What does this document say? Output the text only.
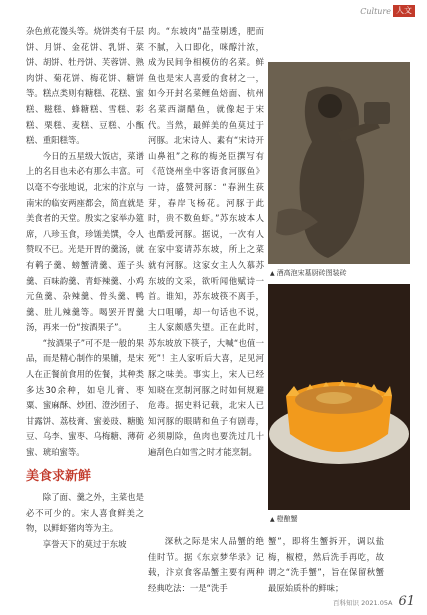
Culture 人文

杂色煎花馒头等。烧饼类有千层饼、月饼、金花饼、乳饼、菜饼、胡饼、牡丹饼、芙蓉饼、熟肉饼、菊花饼、梅花饼、糖饼等。糕点类则有糖糕、花糕、蜜糕、糍糕、蜂糖糕、雪糕、彩糕、栗糕、麦糕、豆糕、小甑糕、重阳糕等。

今日的五星级大饭店，菜谱上的名目也未必有那么丰富。可以毫不夸张地说，北宋的汴京与南宋的临安两座都会，简直就是美食者的天堂。殷实之家举办筵席，八珍玉食，珍馐美馔，令人赞叹不已。光是开胃的羹汤，就有鹌子羹、螃蟹清羹、莲子头羹、百味韵羹、青虾辣羹、小鸡元鱼羹、杂辣羹、骨头羹、鸭羹、肚儿辣羹等。喝罢开胃羹汤，再来一份“按酒果子”。

“按酒果子”可不是一般的果品，而是精心制作的果脯，是宋人在正餐前食用的佐餐，其种类多达30余种，如皂儿膏、枣粟、蜜麻酥、炒团、澄沙团子、甘露饼、荔枝膏、蜜姜豉、糖脆豆、乌李、蜜枣、乌梅糖、薄荷蜜、琥珀蜜等。

美食求新鲜

除了面、羹之外，主菜也是必不可少的。宋人喜食鲜美之物，以鲜虾猪肉等为主。

享誉天下的莫过于东坡

肉。“东坡肉”晶莹剔透，肥而不腻，入口即化，咪醇汁浓，成为民间争相模仿的名菜。鲜鱼也是宋人喜爱的食材之一，如今开封名菜鲤鱼焙面、杭州名菜西湖醋鱼，就像起于宋代。当然，最鲜美的鱼莫过于河豚。北宋诗人、素有“宋诗开山鼻祖”之称的梅尧臣撰写有《范饶州坐中客语食河豚鱼》一诗，盛赞河豚：“春洲生荻芽，春岸飞杨花。河豚于此时，贵不数鱼虾。”苏东坡本人也酷爱河豚。据说，一次有人在家中宴请苏东坡，所上之菜就有河豚。这家女主人久慕苏东坡的文采，欲听闻他赋诗一首。谁知，苏东坡筷不离手，大口咀嚼，却一句话也不说，主人家颇感失望。正在此时，苏东坡放下筷子，大喊“也值一死”！主人家听后大喜，足见河豚之味美。事实上，宋人已经知晓在烹制河豚之时如何规避危毒。据史料记载，北宋人已知河豚的眼睛和鱼子有剧毒，必须剔除，鱼肉也要洗过几十遍刮色白如雪之时才能烹制。

▲ 酒高泡宋墓厨砖图装砖
▲ 橙酿蟹

深秋之际是宋人品蟹的绝佳时节。据《东京梦华录》记载，汴京食客品蟹主要有两种经典吃法：一是“洗手

蟹”，即将生蟹拆开，调以盐梅，椒橙，然后洗手再吃，故谓之“洗手蟹”，旨在保留秋蟹最原始质朴的鲜味；

百科知识 2021.05A 61
